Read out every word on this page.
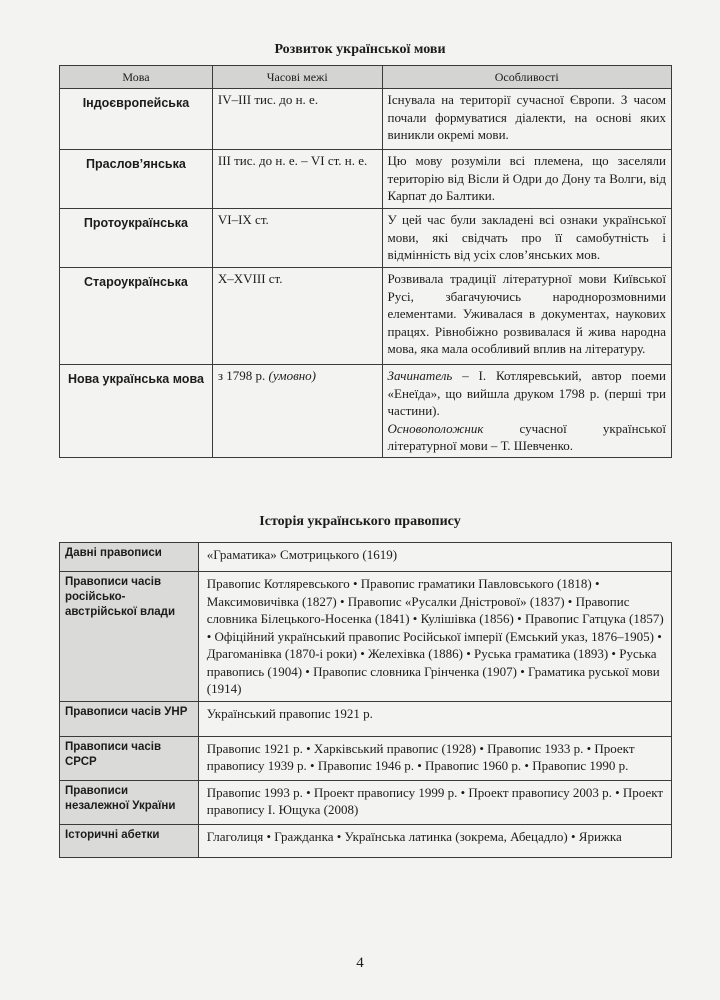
Розвиток української мови
Мова	Часові межі	Особливості
Індоєвропейська	IV–III тис. до н. е.	Існувала на території сучасної Європи. З часом почали формуватися діалекти, на основі яких виникли окремі мови.
Праслов’янська	III тис. до н. е. – VI ст. н. е.	Цю мову розуміли всі племена, що заселяли територію від Вісли й Одри до Дону та Волги, від Карпат до Балтики.
Протоукраїнська	VI–IX ст.	У цей час були закладені всі ознаки української мови, які свідчать про її самобутність і відмінність від усіх слов’янських мов.
Староукраїнська	X–XVIII ст.	Розвивала традиції літературної мови Київської Русі, збагачуючись народнорозмовними елементами. Уживалася в документах, наукових працях. Рівнобіжно розвивалася й жива народна мова, яка мала особливий вплив на літературу.
Нова українська мова	з 1798 р. (умовно)	Зачинатель – І. Котляревський, автор поеми «Енеїда», що вийшла друком 1798 р. (перші три частини).
Основоположник сучасної української літературної мови – Т. Шевченко.
Історія українського правопису
Давні правописи	«Граматика» Смотрицького (1619)
Правописи часів російсько-австрійської влади	Правопис Котляревського • Правопис граматики Павловського (1818) • Максимовичівка (1827) • Правопис «Русалки Дністрової» (1837) • Правопис словника Білецького-Носенка (1841) • Кулішівка (1856) • Правопис Гатцука (1857) • Офіційний український правопис Російської імперії (Емський указ, 1876–1905) • Драгоманівка (1870-і роки) • Желехівка (1886) • Руська граматика (1893) • Руська правопись (1904) • Правопис словника Грінченка (1907) • Граматика руської мови (1914)
Правописи часів УНР	Український правопис 1921 р.
Правописи часів СРСР	Правопис 1921 р. • Харківський правопис (1928) • Правопис 1933 р. • Проект правопису 1939 р. • Правопис 1946 р. • Правопис 1960 р. • Правопис 1990 р.
Правописи незалежної України	Правопис 1993 р. • Проект правопису 1999 р. • Проект правопису 2003 р. • Проект правопису І. Ющука (2008)
Історичні абетки	Глаголиця • Гражданка • Українська латинка (зокрема, Абецадло) • Ярижка
4
